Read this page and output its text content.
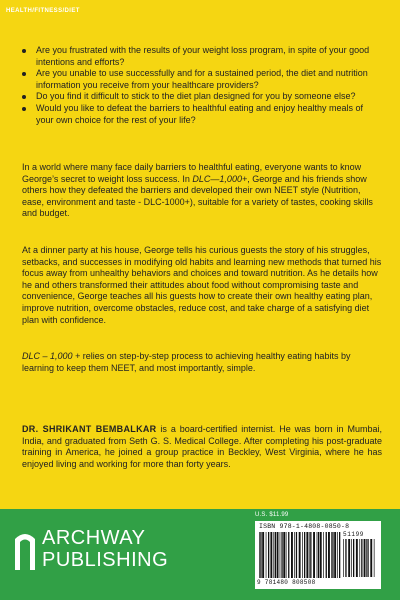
HEALTH/FITNESS/DIET
Are you frustrated with the results of your weight loss program, in spite of your good intentions and efforts?
Are you unable to use successfully and for a sustained period, the diet and nutrition information you receive from your healthcare providers?
Do you find it difficult to stick to the diet plan designed for you by someone else?
Would you like to defeat the barriers to healthful eating and enjoy healthy meals of your own choice for the rest of your life?

In a world where many face daily barriers to healthful eating, everyone wants to know George’s secret to weight loss success. In DLC—1,000+, George and his friends show others how they defeated the barriers and developed their own NEET style (Nutrition, ease, environment and taste - DLC-1000+), suitable for a variety of tastes, cooking skills and budget.

At a dinner party at his house, George tells his curious guests the story of his struggles, setbacks, and successes in modifying old habits and learning new methods that turned his focus away from unhealthy behaviors and choices and toward nutrition. As he details how he and others transformed their attitudes about food without compromising taste and convenience, George teaches all his guests how to create their own healthy eating plan, improve nutrition, overcome obstacles, reduce cost, and take charge of a satisfying diet plan with confidence.

DLC – 1,000 + relies on step-by-step process to achieving healthy eating habits by learning to keep them NEET, and most importantly, simple.

DR. SHRIKANT BEMBALKAR is a board-certified internist. He was born in Mumbai, India, and graduated from Seth G. S. Medical College. After completing his post-graduate training in America, he joined a group practice in Beckley, West Virginia, where he has enjoyed living and working for more than forty years.

ARCHWAY
PUBLISHING
U.S. $11.99
ISBN 978-1-4808-0850-8
51199
9 781480 808508
